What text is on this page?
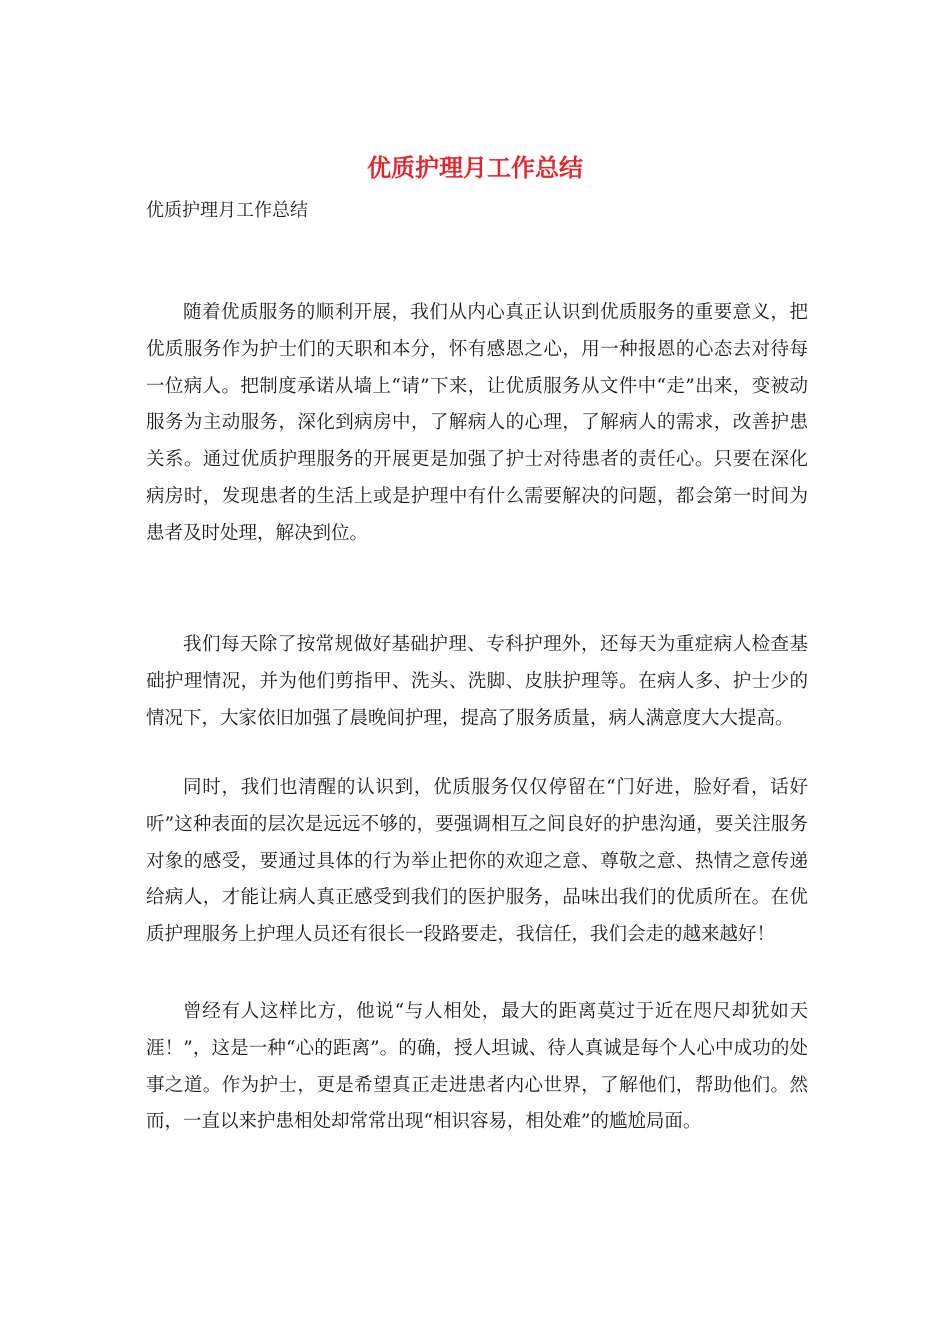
优质护理月工作总结

优质护理月工作总结

随着优质服务的顺利开展，我们从内心真正认识到优质服务的重要意义，把优质服务作为护士们的天职和本分，怀有感恩之心，用一种报恩的心态去对待每一位病人。把制度承诺从墙上“请”下来，让优质服务从文件中“走”出来，变被动服务为主动服务，深化到病房中，了解病人的心理，了解病人的需求，改善护患关系。通过优质护理服务的开展更是加强了护士对待患者的责任心。只要在深化病房时，发现患者的生活上或是护理中有什么需要解决的问题，都会第一时间为患者及时处理，解决到位。

我们每天除了按常规做好基础护理、专科护理外，还每天为重症病人检查基础护理情况，并为他们剪指甲、洗头、洗脚、皮肤护理等。在病人多、护士少的情况下，大家依旧加强了晨晚间护理，提高了服务质量，病人满意度大大提高。

同时，我们也清醒的认识到，优质服务仅仅停留在“门好进，脸好看，话好听”这种表面的层次是远远不够的，要强调相互之间良好的护患沟通，要关注服务对象的感受，要通过具体的行为举止把你的欢迎之意、尊敬之意、热情之意传递给病人，才能让病人真正感受到我们的医护服务，品味出我们的优质所在。在优质护理服务上护理人员还有很长一段路要走，我信任，我们会走的越来越好！

曾经有人这样比方，他说“与人相处，最大的距离莫过于近在咫尺却犹如天涯！”，这是一种“心的距离”。的确，授人坦诚、待人真诚是每个人心中成功的处事之道。作为护士，更是希望真正走进患者内心世界，了解他们，帮助他们。然而，一直以来护患相处却常常出现“相识容易，相处难”的尴尬局面。
